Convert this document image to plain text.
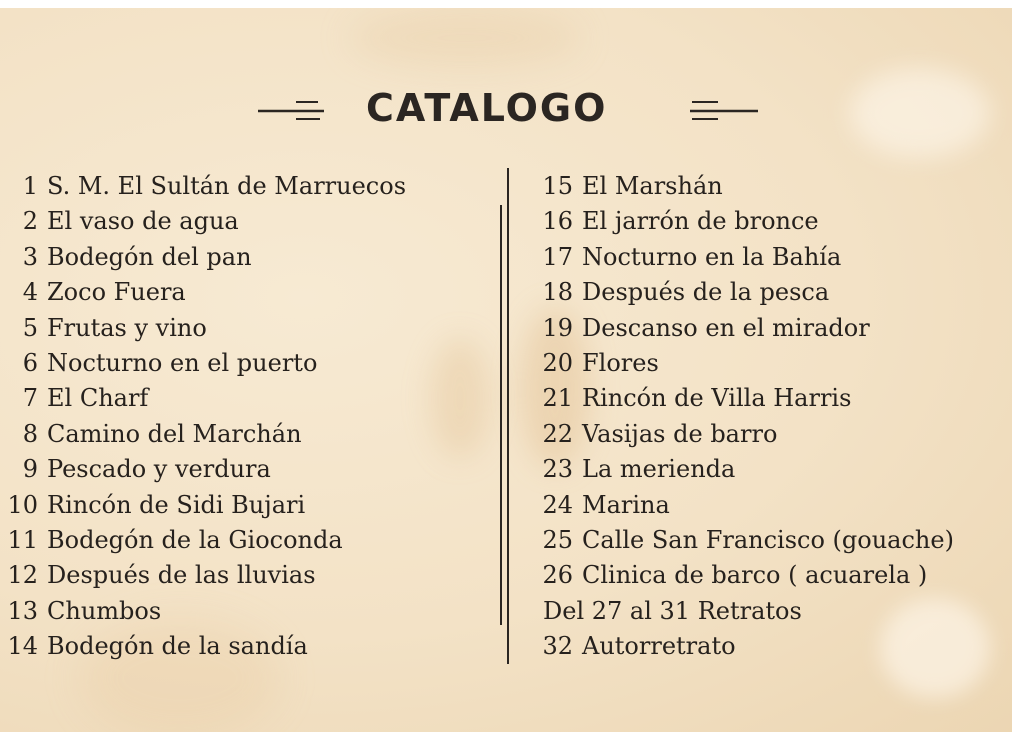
CATALOGO
1 S. M. El Sultán de Marruecos
2 El vaso de agua
3 Bodegón del pan
4 Zoco Fuera
5 Frutas y vino
6 Nocturno en el puerto
7 El Charf
8 Camino del Marchán
9 Pescado y verdura
10 Rincón de Sidi Bujari
11 Bodegón de la Gioconda
12 Después de las lluvias
13 Chumbos
14 Bodegón de la sandía
15 El Marshán
16 El jarrón de bronce
17 Nocturno en la Bahía
18 Después de la pesca
19 Descanso en el mirador
20 Flores
21 Rincón de Villa Harris
22 Vasijas de barro
23 La merienda
24 Marina
25 Calle San Francisco (gouache)
26 Clinica de barco ( acuarela )
Del 27 al 31 Retratos
32 Autorretrato
